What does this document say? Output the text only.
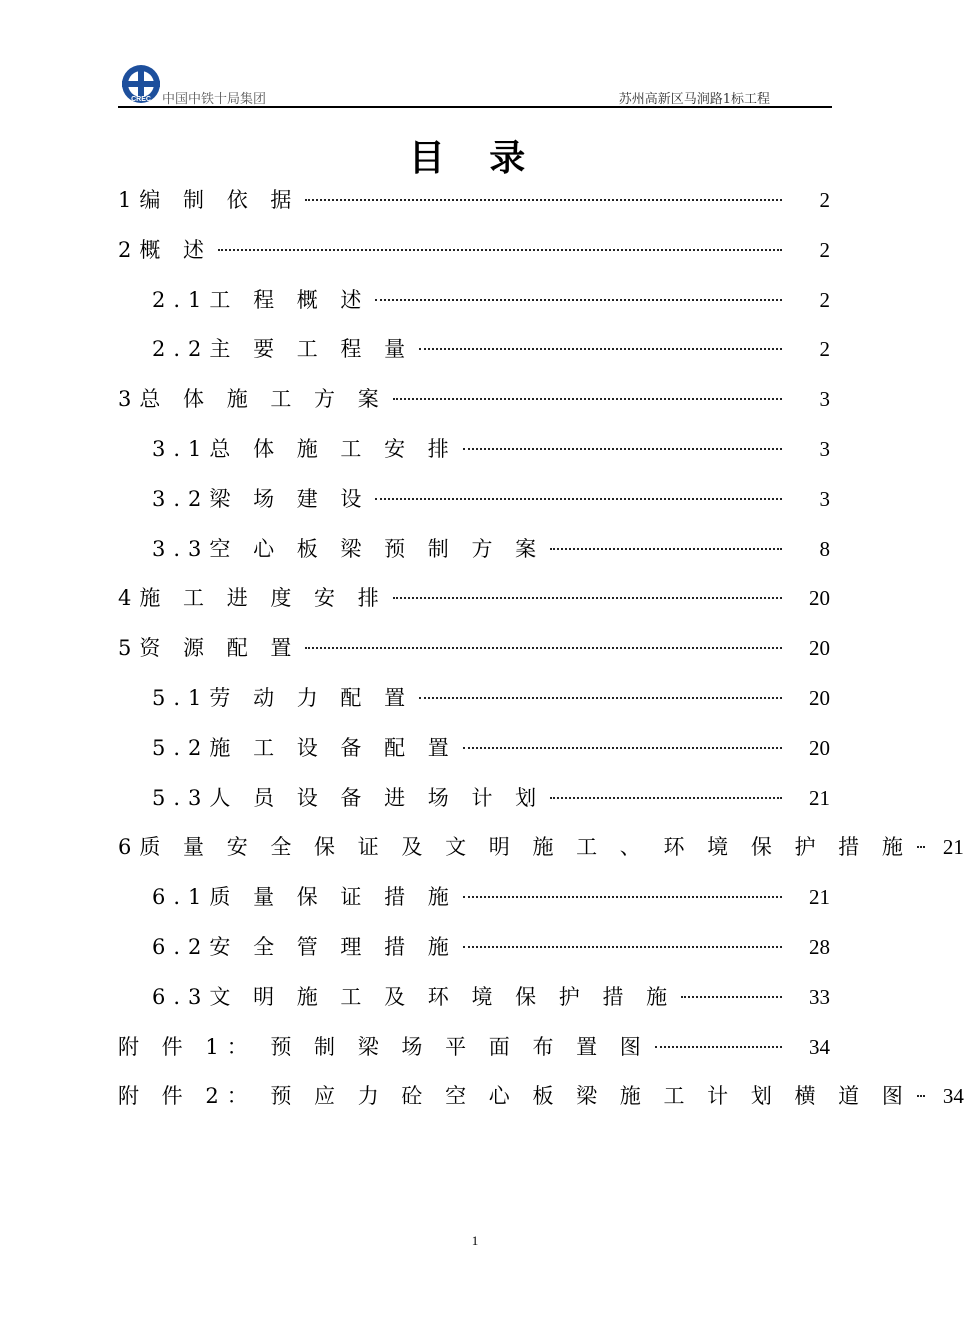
CREC 中国中铁十局集团	苏州高新区马涧路1标工程
目 录
1编 制 依 据	2
2概 述	2
2.1工 程 概 述	2
2.2主 要 工 程 量	2
3总 体 施 工 方 案	3
3.1总 体 施 工 安 排	3
3.2梁 场 建 设	3
3.3空 心 板 梁 预 制 方 案	8
4施 工 进 度 安 排	20
5资 源 配 置	20
5.1劳 动 力 配 置	20
5.2施 工 设 备 配 置	20
5.3人 员 设 备 进 场 计 划	21
6质 量 安 全 保 证 及 文 明 施 工 、 环 境 保 护 措 施 21
6.1质 量 保 证 措 施	21
6.2安 全 管 理 措 施	28
6.3文 明 施 工 及 环 境 保 护 措 施	33
附 件 1： 预 制 梁 场 平 面 布 置 图	34
附 件 2： 预 应 力 砼 空 心 板 梁 施 工 计 划 横 道 图 34
1
